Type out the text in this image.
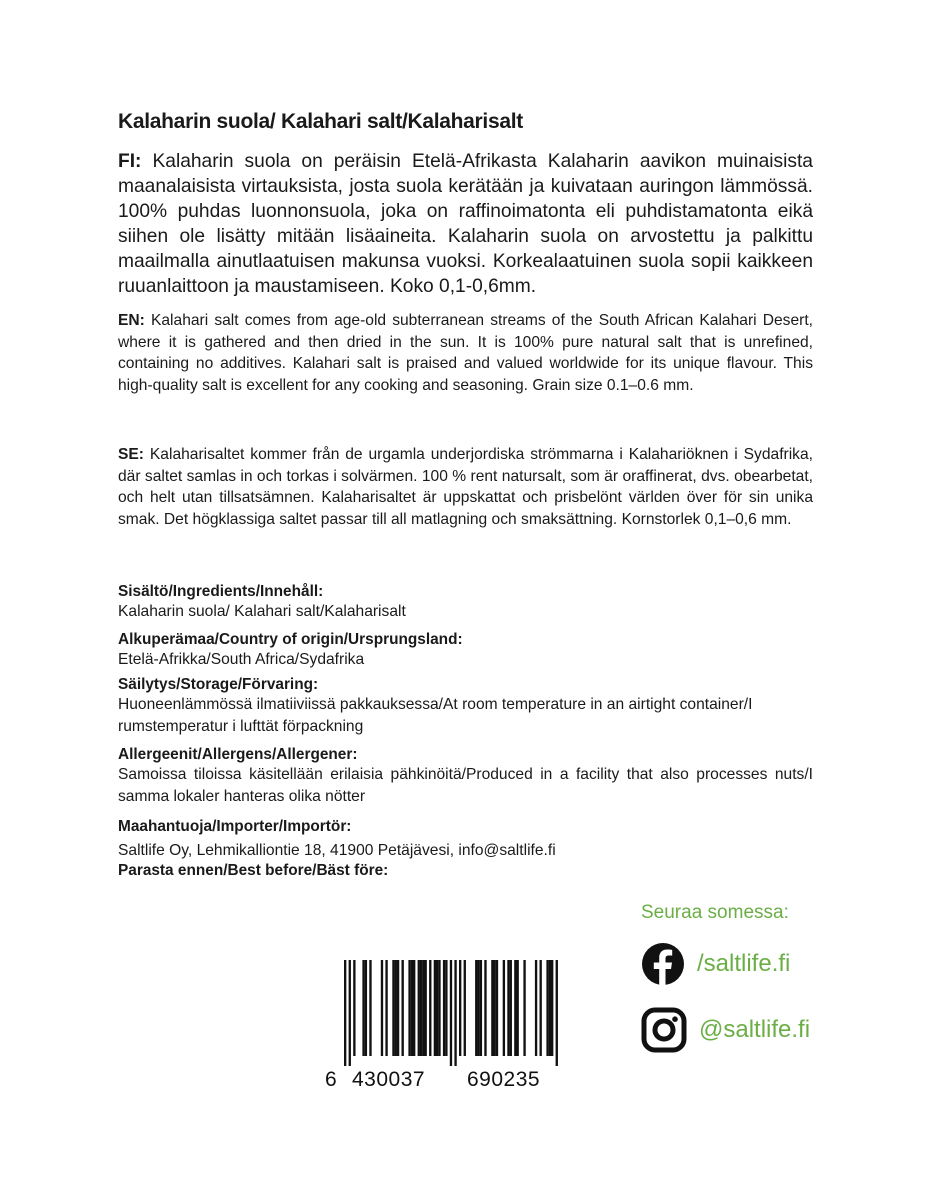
Kalaharin suola/ Kalahari salt/Kalaharisalt

FI: Kalaharin suola on peräisin Etelä-Afrikasta Kalaharin aavikon muinaisista maanalaisista virtauksista, josta suola kerätään ja kuivataan auringon lämmössä. 100% puhdas luonnonsuola, joka on raffinoimatonta eli puhdistamatonta eikä siihen ole lisätty mitään lisäaineita. Kalaharin suola on arvostettu ja palkittu maailmalla ainutlaatuisen makunsa vuoksi. Korkealaatuinen suola sopii kaikkeen ruuanlaittoon ja maustamiseen. Koko 0,1-0,6mm.

EN: Kalahari salt comes from age-old subterranean streams of the South African Kalahari Desert, where it is gathered and then dried in the sun. It is 100% pure natural salt that is unrefined, containing no additives. Kalahari salt is praised and valued worldwide for its unique flavour. This high-quality salt is excellent for any cooking and seasoning. Grain size 0.1–0.6 mm.

SE: Kalaharisaltet kommer från de urgamla underjordiska strömmarna i Kalahariöknen i Sydafrika, där saltet samlas in och torkas i solvärmen. 100 % rent natursalt, som är oraffinerat, dvs. obearbetat, och helt utan tillsatsämnen. Kalaharisaltet är uppskattat och prisbelönt världen över för sin unika smak. Det högklassiga saltet passar till all matlagning och smaksättning. Kornstorlek 0,1–0,6 mm.

Sisältö/Ingredients/Innehåll:
Kalaharin suola/ Kalahari salt/Kalaharisalt
Alkuperämaa/Country of origin/Ursprungsland:
Etelä-Afrikka/South Africa/Sydafrika
Säilytys/Storage/Förvaring:
Huoneenlämmössä ilmatiiviissä pakkauksessa/At room temperature in an airtight container/I rumstemperatur i lufttät förpackning
Allergeenit/Allergens/Allergener:
Samoissa tiloissa käsitellään erilaisia pähkinöitä/Produced in a facility that also processes nuts/I samma lokaler hanteras olika nötter
Maahantuoja/Importer/Importör:
Saltlife Oy, Lehmikalliontie 18, 41900 Petäjävesi, info@saltlife.fi
Parasta ennen/Best before/Bäst före:
Seuraa somessa:
/saltlife.fi
@saltlife.fi
6 430037 690235
